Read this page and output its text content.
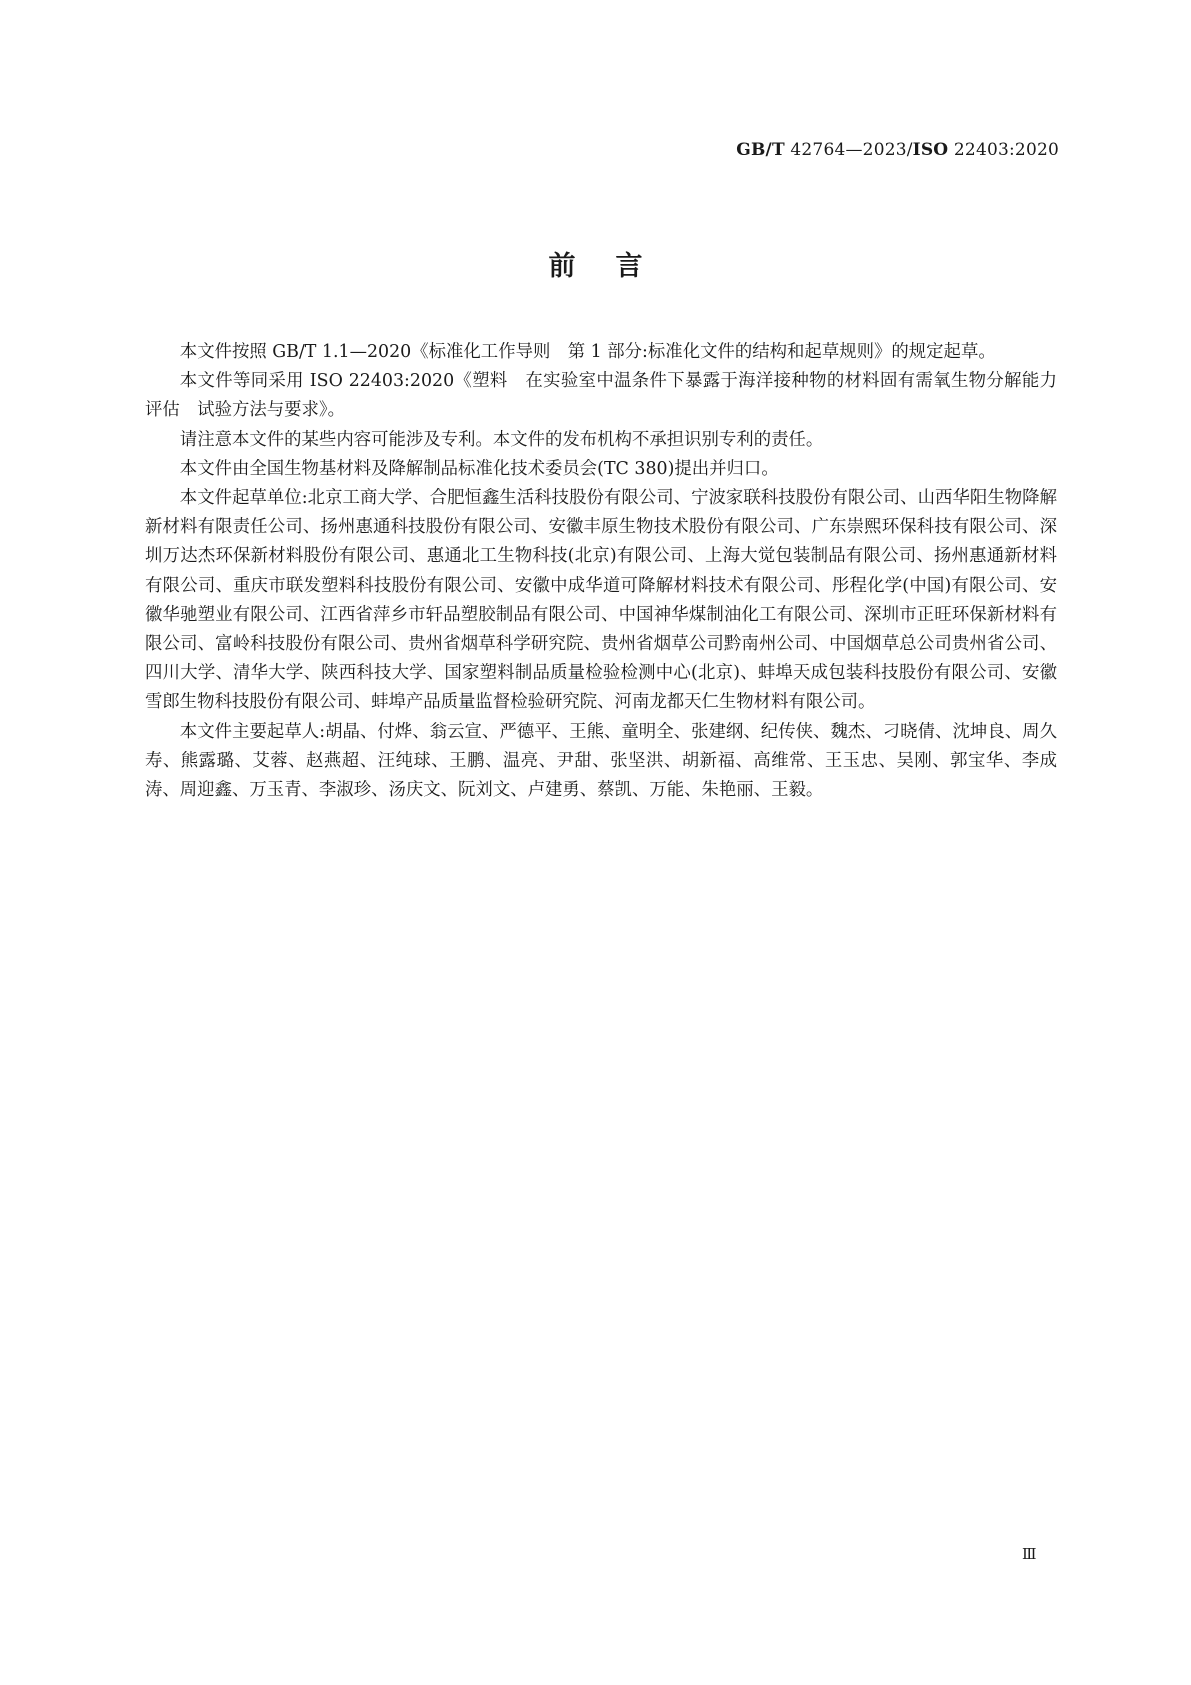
GB/T 42764—2023/ISO 22403:2020
前言

本文件按照 GB/T 1.1—2020《标准化工作导则　第 1 部分:标准化文件的结构和起草规则》的规定起草。

本文件等同采用 ISO 22403:2020《塑料　在实验室中温条件下暴露于海洋接种物的材料固有需氧生物分解能力评估　试验方法与要求》。

请注意本文件的某些内容可能涉及专利。本文件的发布机构不承担识别专利的责任。

本文件由全国生物基材料及降解制品标准化技术委员会(TC 380)提出并归口。

本文件起草单位:北京工商大学、合肥恒鑫生活科技股份有限公司、宁波家联科技股份有限公司、山西华阳生物降解新材料有限责任公司、扬州惠通科技股份有限公司、安徽丰原生物技术股份有限公司、广东崇熙环保科技有限公司、深圳万达杰环保新材料股份有限公司、惠通北工生物科技(北京)有限公司、上海大觉包装制品有限公司、扬州惠通新材料有限公司、重庆市联发塑料科技股份有限公司、安徽中成华道可降解材料技术有限公司、彤程化学(中国)有限公司、安徽华驰塑业有限公司、江西省萍乡市轩品塑胶制品有限公司、中国神华煤制油化工有限公司、深圳市正旺环保新材料有限公司、富岭科技股份有限公司、贵州省烟草科学研究院、贵州省烟草公司黔南州公司、中国烟草总公司贵州省公司、四川大学、清华大学、陕西科技大学、国家塑料制品质量检验检测中心(北京)、蚌埠天成包装科技股份有限公司、安徽雪郎生物科技股份有限公司、蚌埠产品质量监督检验研究院、河南龙都天仁生物材料有限公司。

本文件主要起草人:胡晶、付烨、翁云宣、严德平、王熊、童明全、张建纲、纪传侠、魏杰、刁晓倩、沈坤良、周久寿、熊露璐、艾蓉、赵燕超、汪纯球、王鹏、温亮、尹甜、张坚洪、胡新福、高维常、王玉忠、吴刚、郭宝华、李成涛、周迎鑫、万玉青、李淑珍、汤庆文、阮刘文、卢建勇、蔡凯、万能、朱艳丽、王毅。

Ⅲ
